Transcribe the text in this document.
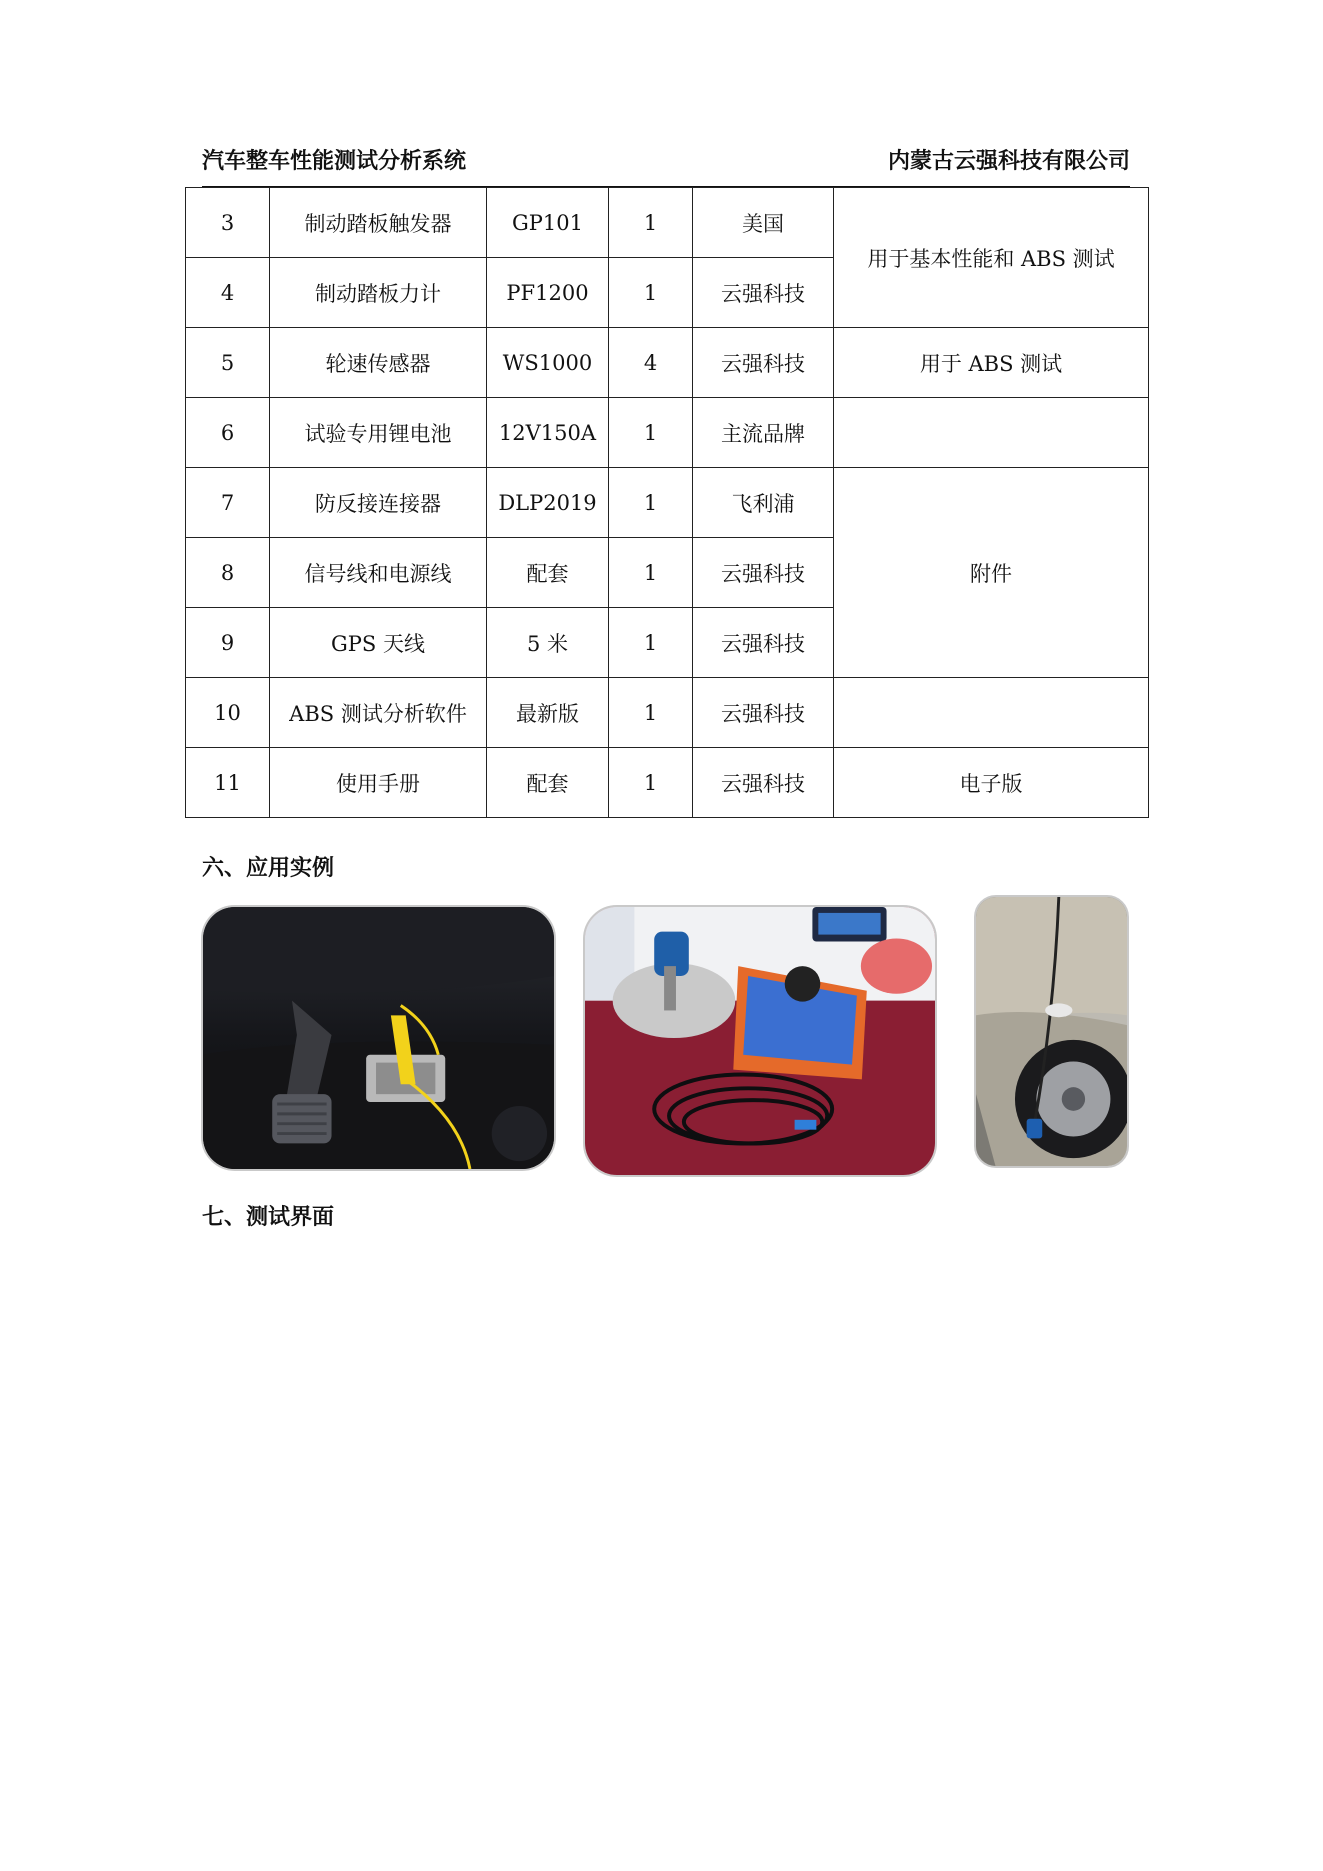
汽车整车性能测试分析系统	内蒙古云强科技有限公司
3	制动踏板触发器	GP101	1	美国	用于基本性能和 ABS 测试
4	制动踏板力计	PF1200	1	云强科技	
5	轮速传感器	WS1000	4	云强科技	用于 ABS 测试
6	试验专用锂电池	12V150A	1	主流品牌	
7	防反接连接器	DLP2019	1	飞利浦	附件
8	信号线和电源线	配套	1	云强科技	
9	GPS 天线	5 米	1	云强科技	
10	ABS 测试分析软件	最新版	1	云强科技	
11	使用手册	配套	1	云强科技	电子版
六、应用实例
七、测试界面
